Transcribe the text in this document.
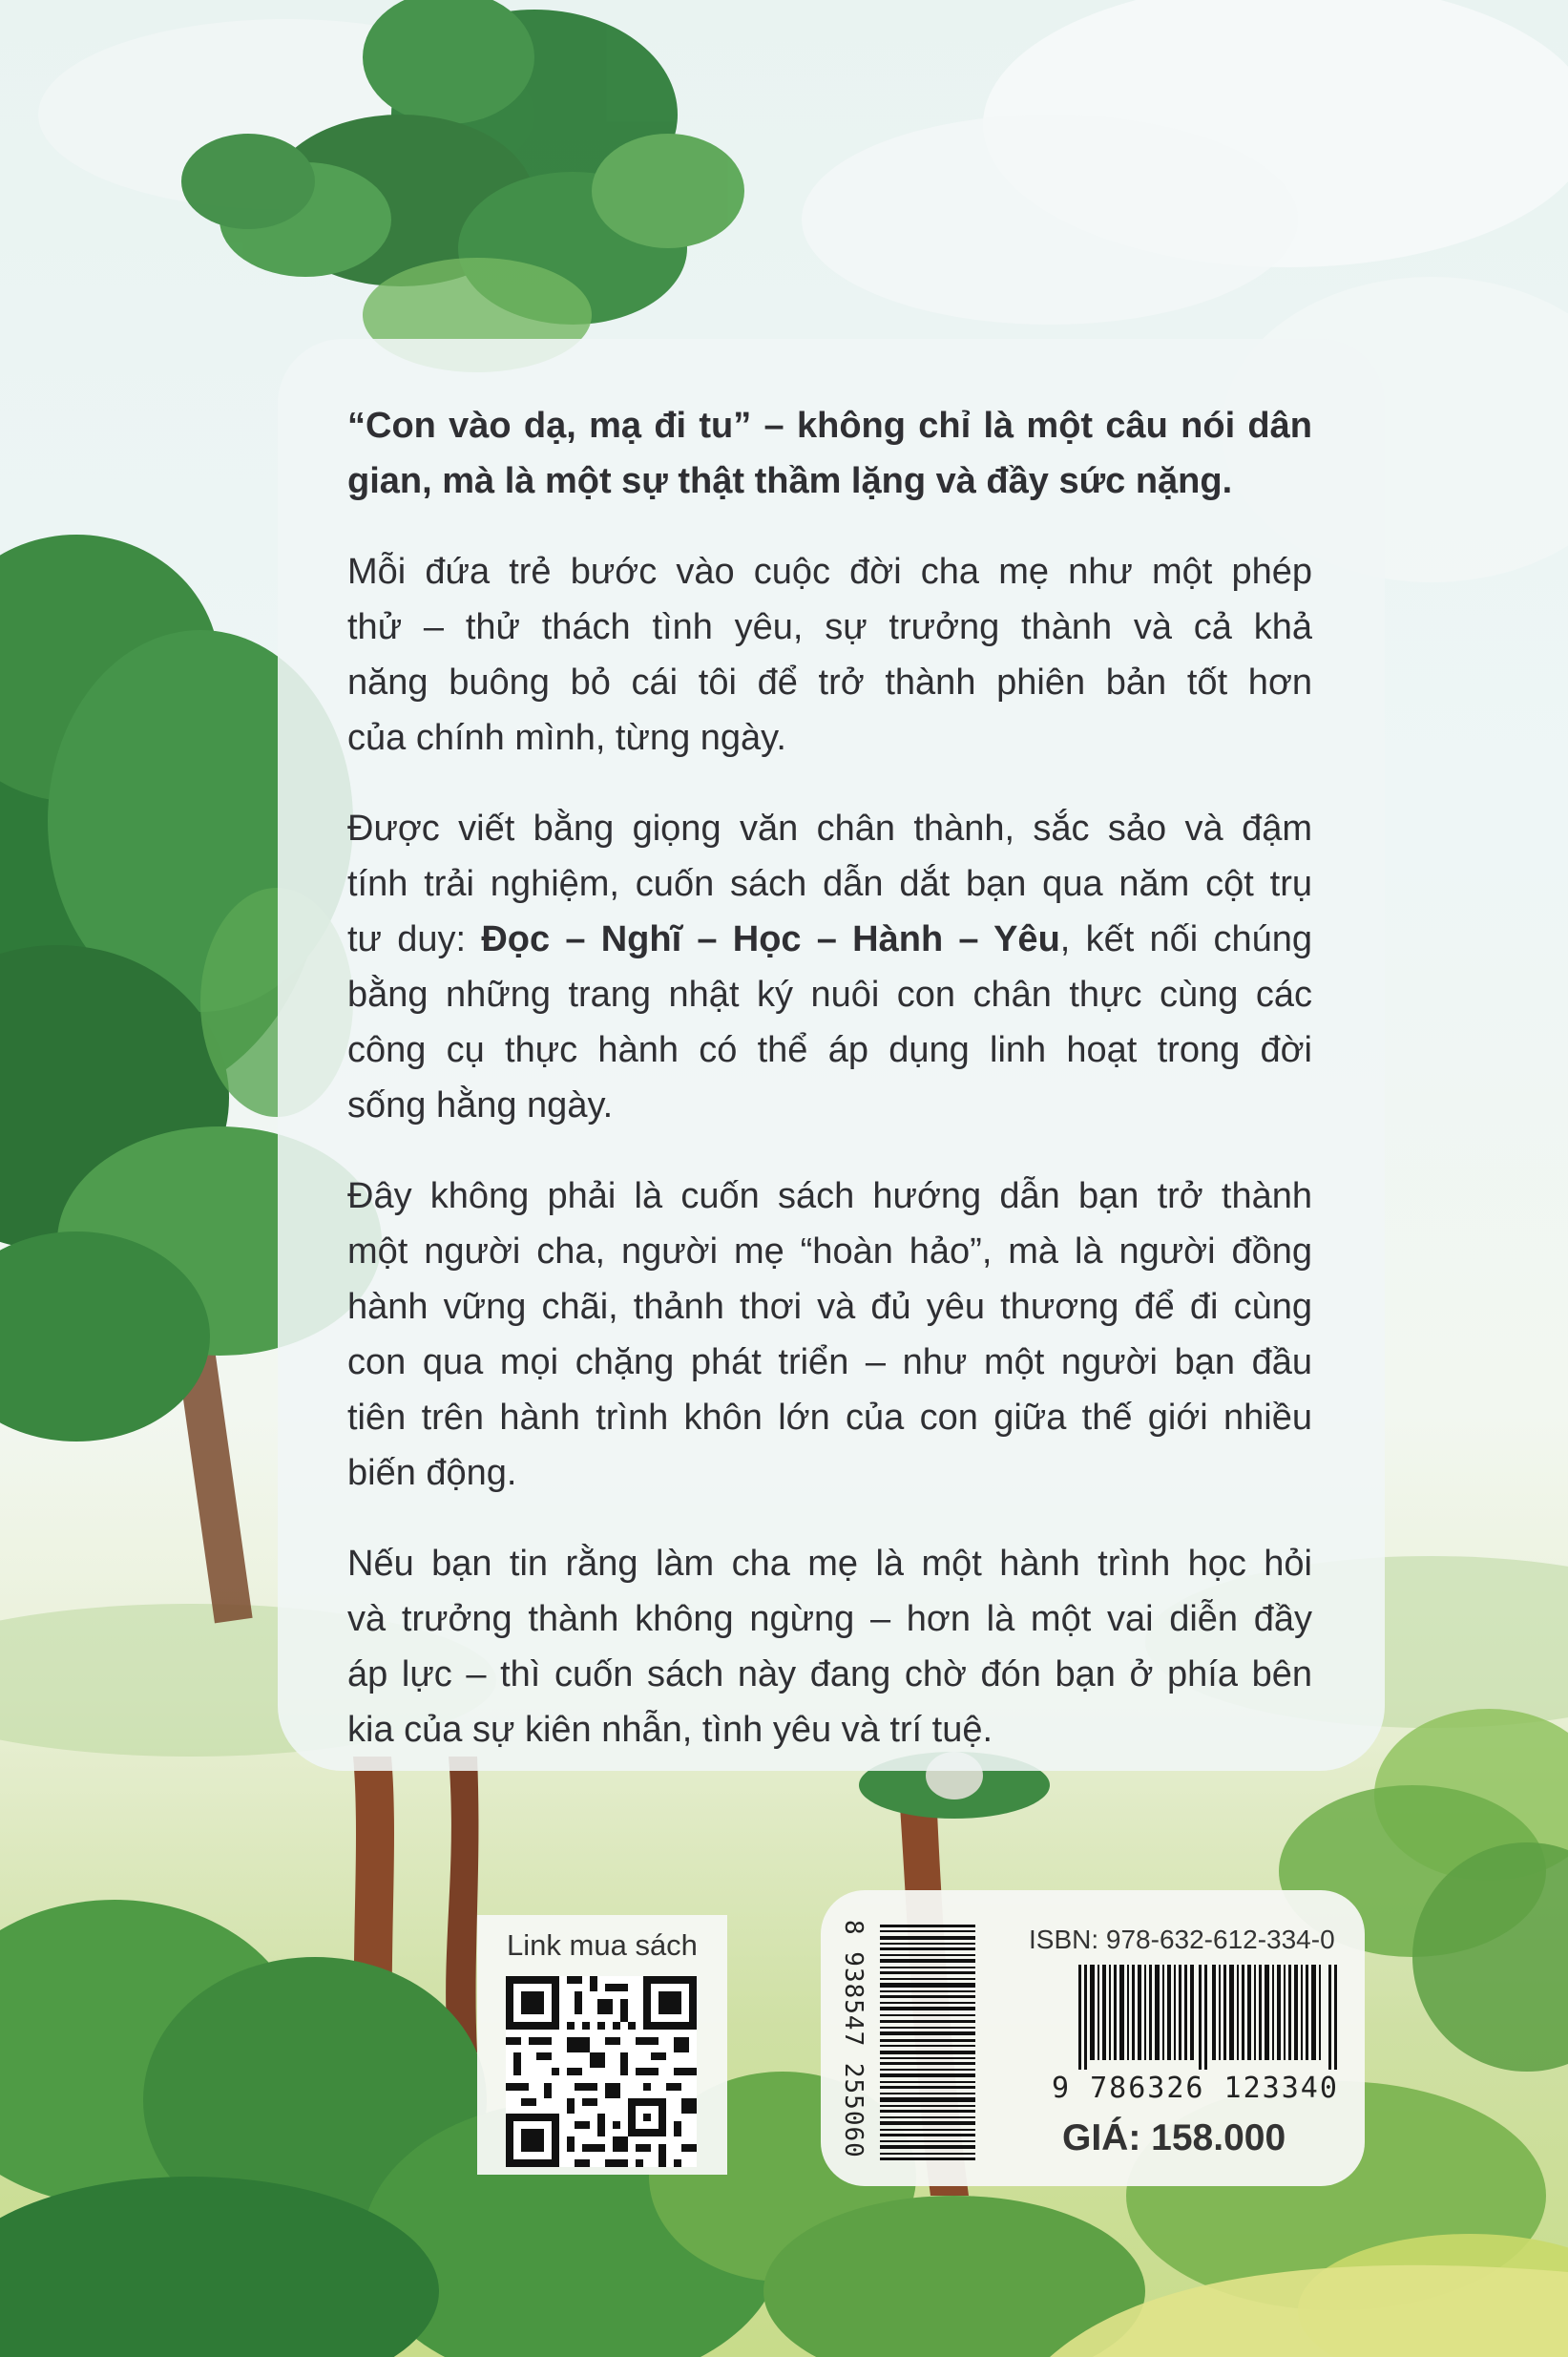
“Con vào dạ, mạ đi tu” – không chỉ là một câu nói dân
gian, mà là một sự thật thầm lặng và đầy sức nặng.

Mỗi đứa trẻ bước vào cuộc đời cha mẹ như một phép
thử – thử thách tình yêu, sự trưởng thành và cả khả
năng buông bỏ cái tôi để trở thành phiên bản tốt hơn
của chính mình, từng ngày.

Được viết bằng giọng văn chân thành, sắc sảo và đậm
tính trải nghiệm, cuốn sách dẫn dắt bạn qua năm cột trụ
tư duy: Đọc – Nghĩ – Học – Hành – Yêu, kết nối chúng
bằng những trang nhật ký nuôi con chân thực cùng các
công cụ thực hành có thể áp dụng linh hoạt trong đời
sống hằng ngày.

Đây không phải là cuốn sách hướng dẫn bạn trở thành
một người cha, người mẹ “hoàn hảo”, mà là người đồng
hành vững chãi, thảnh thơi và đủ yêu thương để đi cùng
con qua mọi chặng phát triển – như một người bạn đầu
tiên trên hành trình khôn lớn của con giữa thế giới nhiều
biến động.

Nếu bạn tin rằng làm cha mẹ là một hành trình học hỏi
và trưởng thành không ngừng – hơn là một vai diễn đầy
áp lực – thì cuốn sách này đang chờ đón bạn ở phía bên
kia của sự kiên nhẫn, tình yêu và trí tuệ.

Link mua sách	8 938547 255060	ISBN: 978-632-612-334-0
9 786326 123340
GIÁ: 158.000
